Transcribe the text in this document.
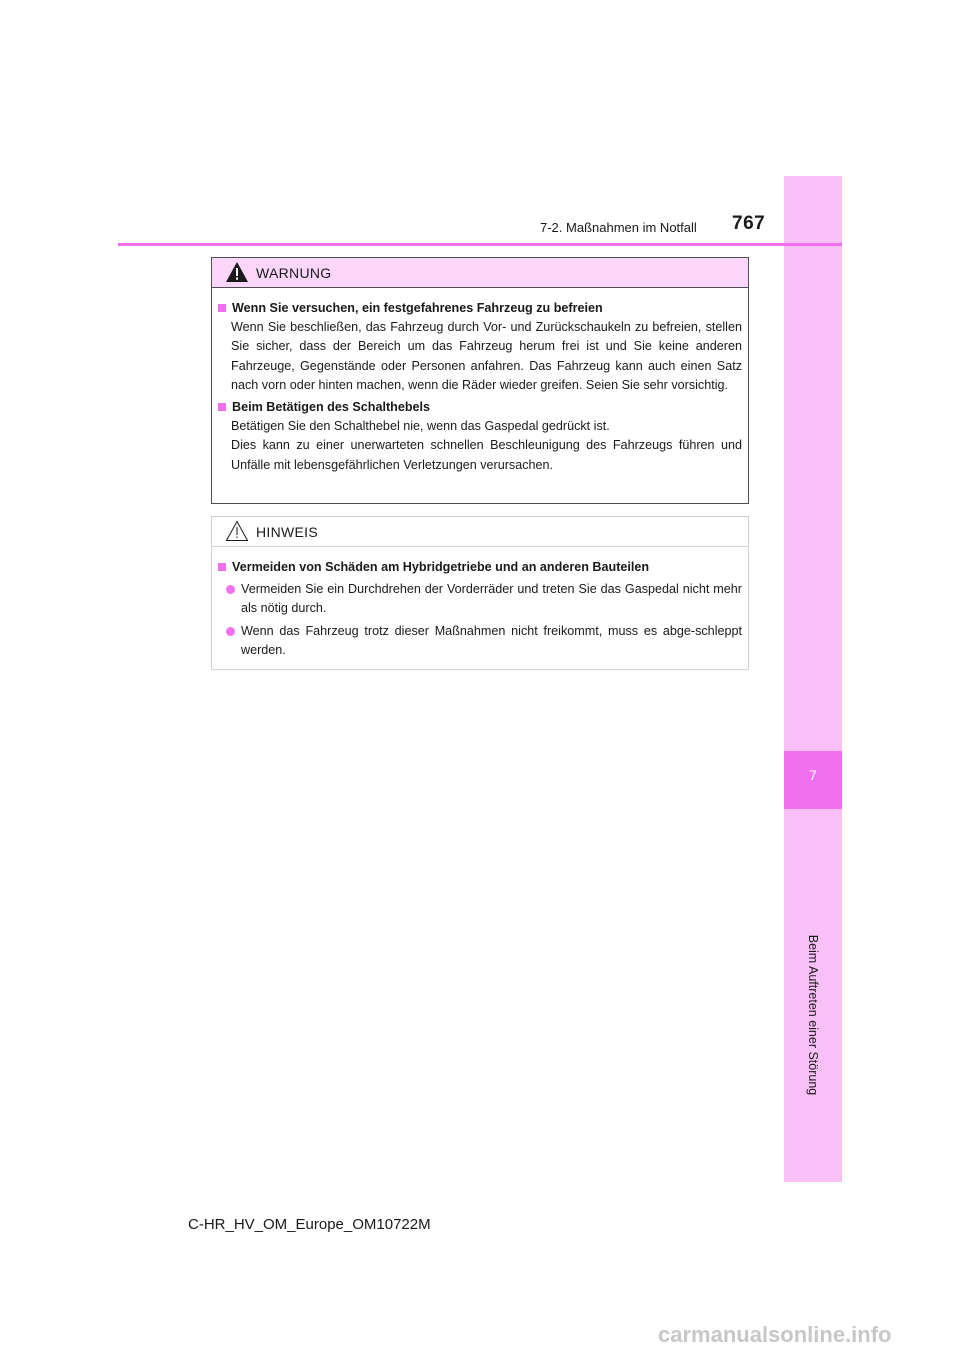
7
Beim Auftreten einer Störung
7-2. Maßnahmen im Notfall 767
WARNUNG
Wenn Sie versuchen, ein festgefahrenes Fahrzeug zu befreien
Wenn Sie beschließen, das Fahrzeug durch Vor- und Zurückschaukeln zu befreien, stellen Sie sicher, dass der Bereich um das Fahrzeug herum frei ist und Sie keine anderen Fahrzeuge, Gegenstände oder Personen anfahren. Das Fahrzeug kann auch einen Satz nach vorn oder hinten machen, wenn die Räder wieder greifen. Seien Sie sehr vorsichtig.
Beim Betätigen des Schalthebels
Betätigen Sie den Schalthebel nie, wenn das Gaspedal gedrückt ist.
Dies kann zu einer unerwarteten schnellen Beschleunigung des Fahrzeugs führen und Unfälle mit lebensgefährlichen Verletzungen verursachen.
HINWEIS
Vermeiden von Schäden am Hybridgetriebe und an anderen Bauteilen
Vermeiden Sie ein Durchdrehen der Vorderräder und treten Sie das Gaspedal nicht mehr als nötig durch.
Wenn das Fahrzeug trotz dieser Maßnahmen nicht freikommt, muss es abge-schleppt werden.
C-HR_HV_OM_Europe_OM10722M
carmanualsonline.info
